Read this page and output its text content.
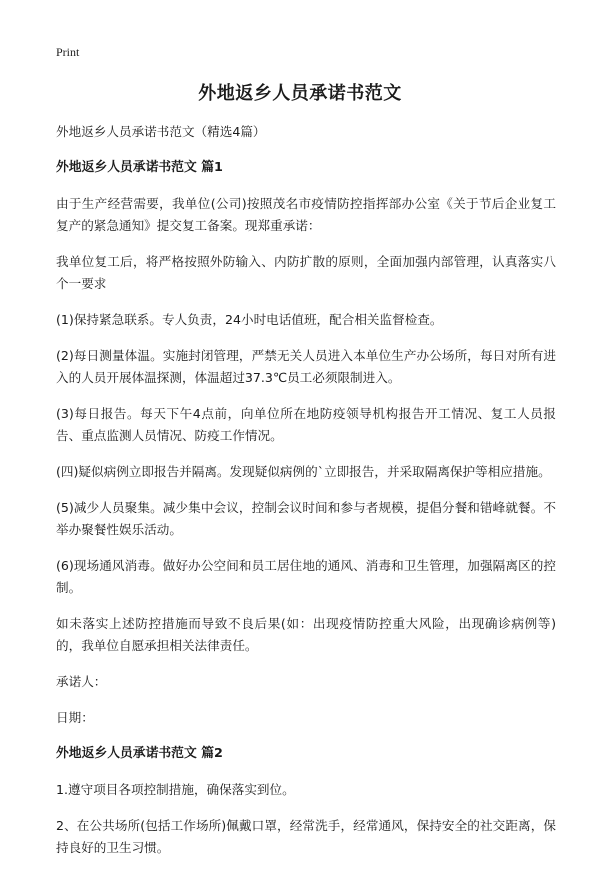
Print
外地返乡人员承诺书范文

外地返乡人员承诺书范文（精选4篇）

外地返乡人员承诺书范文 篇1

由于生产经营需要，我单位(公司)按照茂名市疫情防控指挥部办公室《关于节后企业复工复产的紧急通知》提交复工备案。现郑重承诺：

我单位复工后，将严格按照外防输入、内防扩散的原则，全面加强内部管理，认真落实八个一要求

(1)保持紧急联系。专人负责，24小时电话值班，配合相关监督检查。

(2)每日测量体温。实施封闭管理，严禁无关人员进入本单位生产办公场所，每日对所有进入的人员开展体温探测，体温超过37.3℃员工必须限制进入。

(3)每日报告。每天下午4点前，向单位所在地防疫领导机构报告开工情况、复工人员报告、重点监测人员情况、防疫工作情况。

(四)疑似病例立即报告并隔离。发现疑似病例的`立即报告，并采取隔离保护等相应措施。

(5)减少人员聚集。减少集中会议，控制会议时间和参与者规模，提倡分餐和错峰就餐。不举办聚餐性娱乐活动。

(6)现场通风消毒。做好办公空间和员工居住地的通风、消毒和卫生管理，加强隔离区的控制。

如未落实上述防控措施而导致不良后果(如：出现疫情防控重大风险，出现确诊病例等)的，我单位自愿承担相关法律责任。

承诺人：

日期：

外地返乡人员承诺书范文 篇2

1.遵守项目各项控制措施，确保落实到位。

2、在公共场所(包括工作场所)佩戴口罩，经常洗手，经常通风，保持安全的社交距离，保持良好的卫生习惯。
